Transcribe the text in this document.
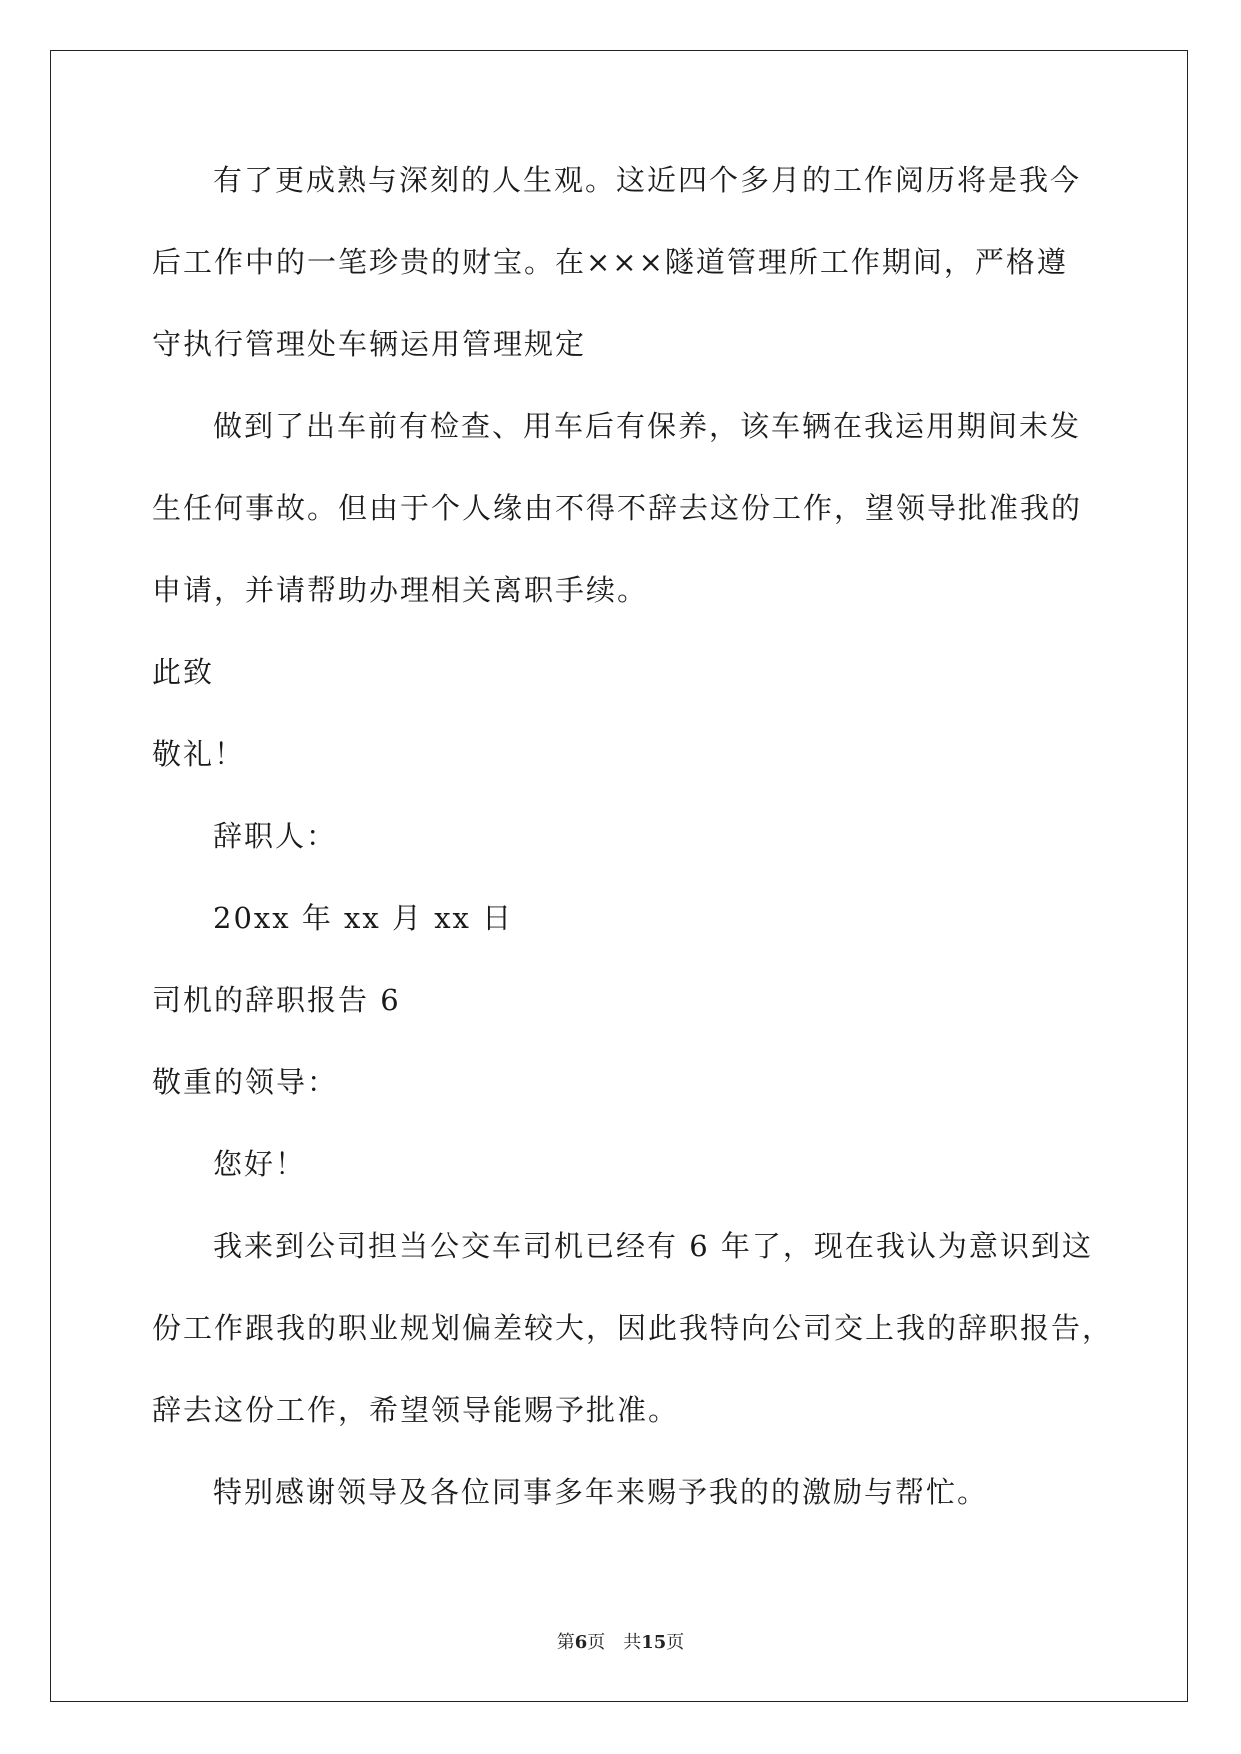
有了更成熟与深刻的人生观。这近四个多月的工作阅历将是我今
后工作中的一笔珍贵的财宝。在×××隧道管理所工作期间，严格遵
守执行管理处车辆运用管理规定
做到了出车前有检查、用车后有保养，该车辆在我运用期间未发
生任何事故。但由于个人缘由不得不辞去这份工作，望领导批准我的
申请，并请帮助办理相关离职手续。
此致
敬礼！
辞职人：
20xx 年 xx 月 xx 日
司机的辞职报告 6
敬重的领导：
您好！
我来到公司担当公交车司机已经有 6 年了，现在我认为意识到这
份工作跟我的职业规划偏差较大，因此我特向公司交上我的辞职报告，
辞去这份工作，希望领导能赐予批准。
特别感谢领导及各位同事多年来赐予我的的激励与帮忙。
第6页　共15页
